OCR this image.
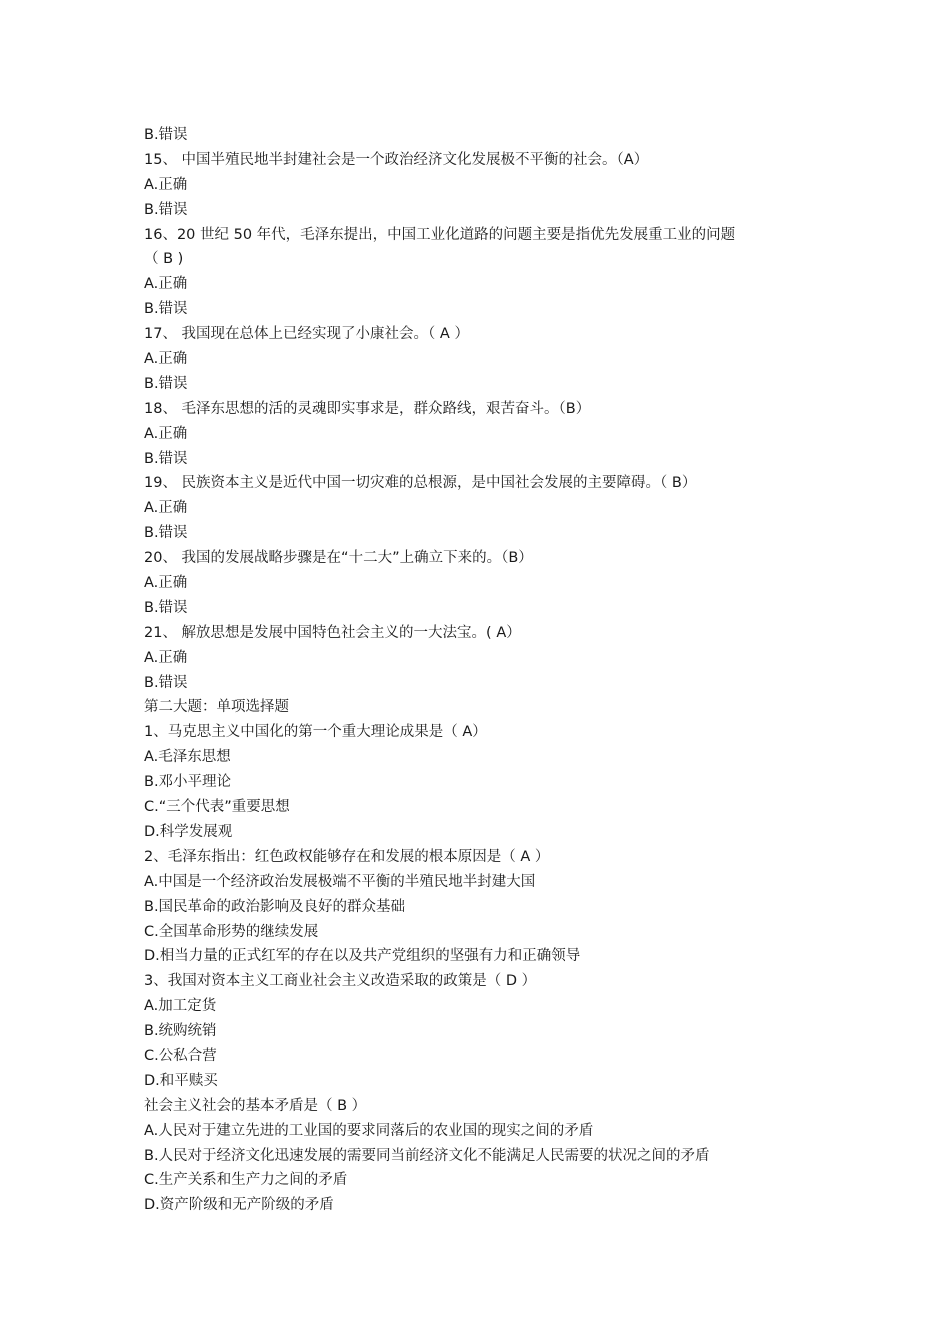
B.错误
15、 中国半殖民地半封建社会是一个政治经济文化发展极不平衡的社会。（A）
A.正确
B.错误
16、20 世纪 50 年代，毛泽东提出，中国工业化道路的问题主要是指优先发展重工业的问题
（ B )
A.正确
B.错误
17、 我国现在总体上已经实现了小康社会。（ A ）
A.正确
B.错误
18、 毛泽东思想的活的灵魂即实事求是，群众路线，艰苦奋斗。（B）
A.正确
B.错误
19、 民族资本主义是近代中国一切灾难的总根源，是中国社会发展的主要障碍。（ B）
A.正确
B.错误
20、 我国的发展战略步骤是在“十二大”上确立下来的。（B）
A.正确
B.错误
21、 解放思想是发展中国特色社会主义的一大法宝。( A）
A.正确
B.错误
第二大题：单项选择题
1、马克思主义中国化的第一个重大理论成果是（ A）
A.毛泽东思想
B.邓小平理论
C.“三个代表”重要思想
D.科学发展观
2、毛泽东指出：红色政权能够存在和发展的根本原因是（ A ）
A.中国是一个经济政治发展极端不平衡的半殖民地半封建大国
B.国民革命的政治影响及良好的群众基础
C.全国革命形势的继续发展
D.相当力量的正式红军的存在以及共产党组织的坚强有力和正确领导
3、我国对资本主义工商业社会主义改造采取的政策是（ D ）
A.加工定货
B.统购统销
C.公私合营
D.和平赎买
社会主义社会的基本矛盾是（ B ）
A.人民对于建立先进的工业国的要求同落后的农业国的现实之间的矛盾
B.人民对于经济文化迅速发展的需要同当前经济文化不能满足人民需要的状况之间的矛盾
C.生产关系和生产力之间的矛盾
D.资产阶级和无产阶级的矛盾
